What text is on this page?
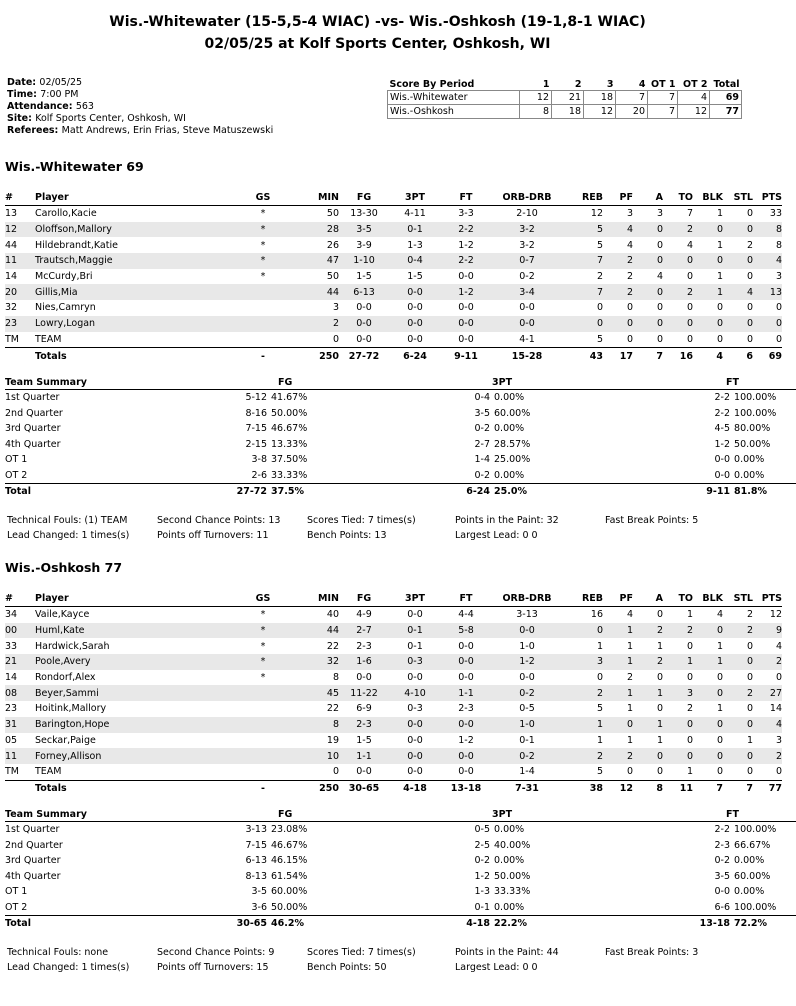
Wis.-Whitewater (15-5,5-4 WIAC) -vs- Wis.-Oshkosh (19-1,8-1 WIAC)
02/05/25 at Kolf Sports Center, Oshkosh, WI
Date: 02/05/25
Time: 7:00 PM
Attendance: 563
Site: Kolf Sports Center, Oshkosh, WI
Referees: Matt Andrews, Erin Frias, Steve Matuszewski
Score By Period	1	2	3	4	OT 1	OT 2	Total
Wis.-Whitewater	12	21	18	7	7	4	69
Wis.-Oshkosh	8	18	12	20	7	12	77
Wis.-Whitewater 69
#	Player	GS	MIN	FG	3PT	FT	ORB-DRB	REB	PF	A	TO	BLK	STL	PTS
13	Carollo,Kacie	*	50	13-30	4-11	3-3	2-10	12	3	3	7	1	0	33
12	Oloffson,Mallory	*	28	3-5	0-1	2-2	3-2	5	4	0	2	0	0	8
44	Hildebrandt,Katie	*	26	3-9	1-3	1-2	3-2	5	4	0	4	1	2	8
11	Trautsch,Maggie	*	47	1-10	0-4	2-2	0-7	7	2	0	0	0	0	4
14	McCurdy,Bri	*	50	1-5	1-5	0-0	0-2	2	2	4	0	1	0	3
20	Gillis,Mia		44	6-13	0-0	1-2	3-4	7	2	0	2	1	4	13
32	Nies,Camryn		3	0-0	0-0	0-0	0-0	0	0	0	0	0	0	0
23	Lowry,Logan		2	0-0	0-0	0-0	0-0	0	0	0	0	0	0	0
TM	TEAM		0	0-0	0-0	0-0	4-1	5	0	0	0	0	0	0
	Totals	-	250	27-72	6-24	9-11	15-28	43	17	7	16	4	6	69
Team Summary	FG			3PT			FT	
1st Quarter	5-12	41.67%		0-4	0.00%		2-2	100.00%
2nd Quarter	8-16	50.00%		3-5	60.00%		2-2	100.00%
3rd Quarter	7-15	46.67%		0-2	0.00%		4-5	80.00%
4th Quarter	2-15	13.33%		2-7	28.57%		1-2	50.00%
OT 1	3-8	37.50%		1-4	25.00%		0-0	0.00%
OT 2	2-6	33.33%		0-2	0.00%		0-0	0.00%
Total	27-72	37.5%		6-24	25.0%		9-11	81.8%
Technical Fouls: (1) TEAM	Second Chance Points: 13	Scores Tied: 7 times(s)	Points in the Paint: 32	Fast Break Points: 5
Lead Changed: 1 times(s)	Points off Turnovers: 11	Bench Points: 13	Largest Lead: 0 0
Wis.-Oshkosh 77
#	Player	GS	MIN	FG	3PT	FT	ORB-DRB	REB	PF	A	TO	BLK	STL	PTS
34	Vaile,Kayce	*	40	4-9	0-0	4-4	3-13	16	4	0	1	4	2	12
00	Huml,Kate	*	44	2-7	0-1	5-8	0-0	0	1	2	2	0	2	9
33	Hardwick,Sarah	*	22	2-3	0-1	0-0	1-0	1	1	1	0	1	0	4
21	Poole,Avery	*	32	1-6	0-3	0-0	1-2	3	1	2	1	1	0	2
14	Rondorf,Alex	*	8	0-0	0-0	0-0	0-0	0	2	0	0	0	0	0
08	Beyer,Sammi		45	11-22	4-10	1-1	0-2	2	1	1	3	0	2	27
23	Hoitink,Mallory		22	6-9	0-3	2-3	0-5	5	1	0	2	1	0	14
31	Barington,Hope		8	2-3	0-0	0-0	1-0	1	0	1	0	0	0	4
05	Seckar,Paige		19	1-5	0-0	1-2	0-1	1	1	1	0	0	1	3
11	Forney,Allison		10	1-1	0-0	0-0	0-2	2	2	0	0	0	0	2
TM	TEAM		0	0-0	0-0	0-0	1-4	5	0	0	1	0	0	0
	Totals	-	250	30-65	4-18	13-18	7-31	38	12	8	11	7	7	77
Team Summary	FG			3PT			FT	
1st Quarter	3-13	23.08%		0-5	0.00%		2-2	100.00%
2nd Quarter	7-15	46.67%		2-5	40.00%		2-3	66.67%
3rd Quarter	6-13	46.15%		0-2	0.00%		0-2	0.00%
4th Quarter	8-13	61.54%		1-2	50.00%		3-5	60.00%
OT 1	3-5	60.00%		1-3	33.33%		0-0	0.00%
OT 2	3-6	50.00%		0-1	0.00%		6-6	100.00%
Total	30-65	46.2%		4-18	22.2%		13-18	72.2%
Technical Fouls: none	Second Chance Points: 9	Scores Tied: 7 times(s)	Points in the Paint: 44	Fast Break Points: 3
Lead Changed: 1 times(s)	Points off Turnovers: 15	Bench Points: 50	Largest Lead: 0 0
